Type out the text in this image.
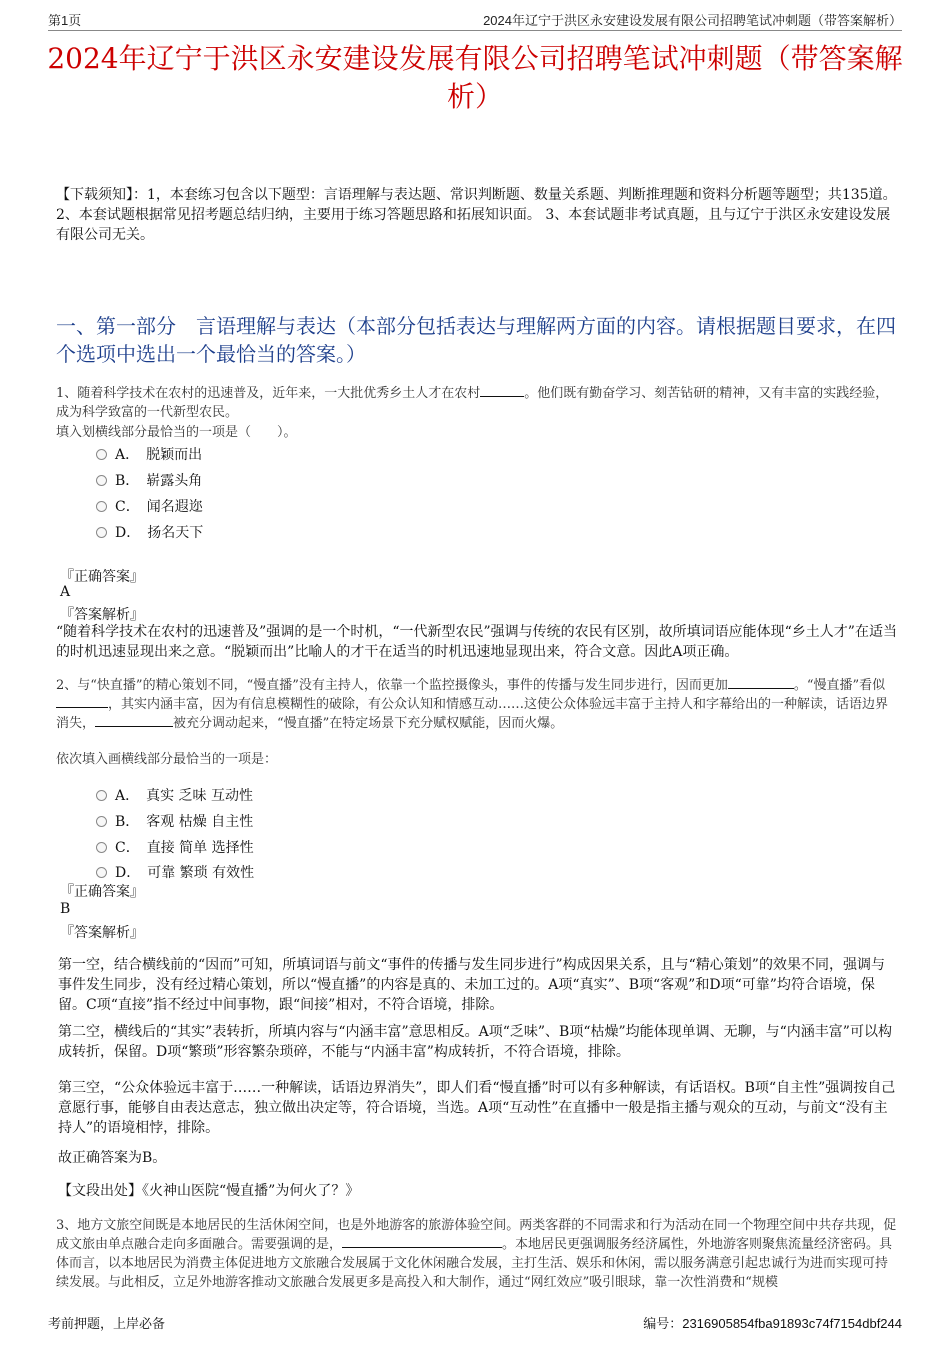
第1页	2024年辽宁于洪区永安建设发展有限公司招聘笔试冲刺题（带答案解析）
2024年辽宁于洪区永安建设发展有限公司招聘笔试冲刺题（带答案解析）
【下载须知】：1，本套练习包含以下题型：言语理解与表达题、常识判断题、数量关系题、判断推理题和资料分析题等题型；共135道。 2、本套试题根据常见招考题总结归纳，主要用于练习答题思路和拓展知识面。 3、本套试题非考试真题，且与辽宁于洪区永安建设发展有限公司无关。
一、第一部分　言语理解与表达（本部分包括表达与理解两方面的内容。请根据题目要求，在四个选项中选出一个最恰当的答案。）
1、随着科学技术在农村的迅速普及，近年来，一大批优秀乡土人才在农村	。他们既有勤奋学习、刻苦钻研的精神，又有丰富的实践经验，成为科学致富的一代新型农民。
填入划横线部分最恰当的一项是（　　）。
A．　脱颖而出
B．　崭露头角
C．　闻名遐迩
D．　扬名天下
『正确答案』
A
『答案解析』
“随着科学技术在农村的迅速普及”强调的是一个时机，“一代新型农民”强调与传统的农民有区别，故所填词语应能体现“乡土人才”在适当的时机迅速显现出来之意。“脱颖而出”比喻人的才干在适当的时机迅速地显现出来，符合文意。因此A项正确。
2、与“快直播”的精心策划不同，“慢直播”没有主持人，依靠一个监控摄像头，事件的传播与发生同步进行，因而更加	。“慢直播”看似，其实内涵丰富，因为有信息模糊性的破除，有公众认知和情感互动……这使公众体验远丰富于主持人和字幕给出的一种解读，话语边界消失，	被充分调动起来，“慢直播”在特定场景下充分赋权赋能，因而火爆。
依次填入画横线部分最恰当的一项是：
A．　真实 乏味 互动性
B．　客观 枯燥 自主性
C．　直接 简单 选择性
D．　可靠 繁琐 有效性
『正确答案』
B
『答案解析』
第一空，结合横线前的“因而”可知，所填词语与前文“事件的传播与发生同步进行”构成因果关系，且与“精心策划”的效果不同，强调与事件发生同步，没有经过精心策划，所以“慢直播”的内容是真的、未加工过的。A项“真实”、B项“客观”和D项“可靠”均符合语境，保留。C项“直接”指不经过中间事物，跟“间接”相对，不符合语境，排除。
第二空，横线后的“其实”表转折，所填内容与“内涵丰富”意思相反。A项“乏味”、B项“枯燥”均能体现单调、无聊，与“内涵丰富”可以构成转折，保留。D项“繁琐”形容繁杂琐碎，不能与“内涵丰富”构成转折，不符合语境，排除。
第三空，“公众体验远丰富于……一种解读，话语边界消失”，即人们看“慢直播”时可以有多种解读，有话语权。B项“自主性”强调按自己意愿行事，能够自由表达意志，独立做出决定等，符合语境，当选。A项“互动性”在直播中一般是指主播与观众的互动，与前文“没有主持人”的语境相悖，排除。
故正确答案为B。
【文段出处】《火神山医院“慢直播”为何火了？》
3、地方文旅空间既是本地居民的生活休闲空间，也是外地游客的旅游体验空间。两类客群的不同需求和行为活动在同一个物理空间中共存共现，促成文旅由单点融合走向多面融合。需要强调的是，	。本地居民更强调服务经济属性，外地游客则聚焦流量经济密码。具体而言，以本地居民为消费主体促进地方文旅融合发展属于文化休闲融合发展，主打生活、娱乐和休闲，需以服务满意引起忠诚行为进而实现可持续发展。与此相反，立足外地游客推动文旅融合发展更多是高投入和大制作，通过“网红效应”吸引眼球，靠一次性消费和“规模
考前押题，上岸必备	编号：2316905854fba91893c74f7154dbf244
